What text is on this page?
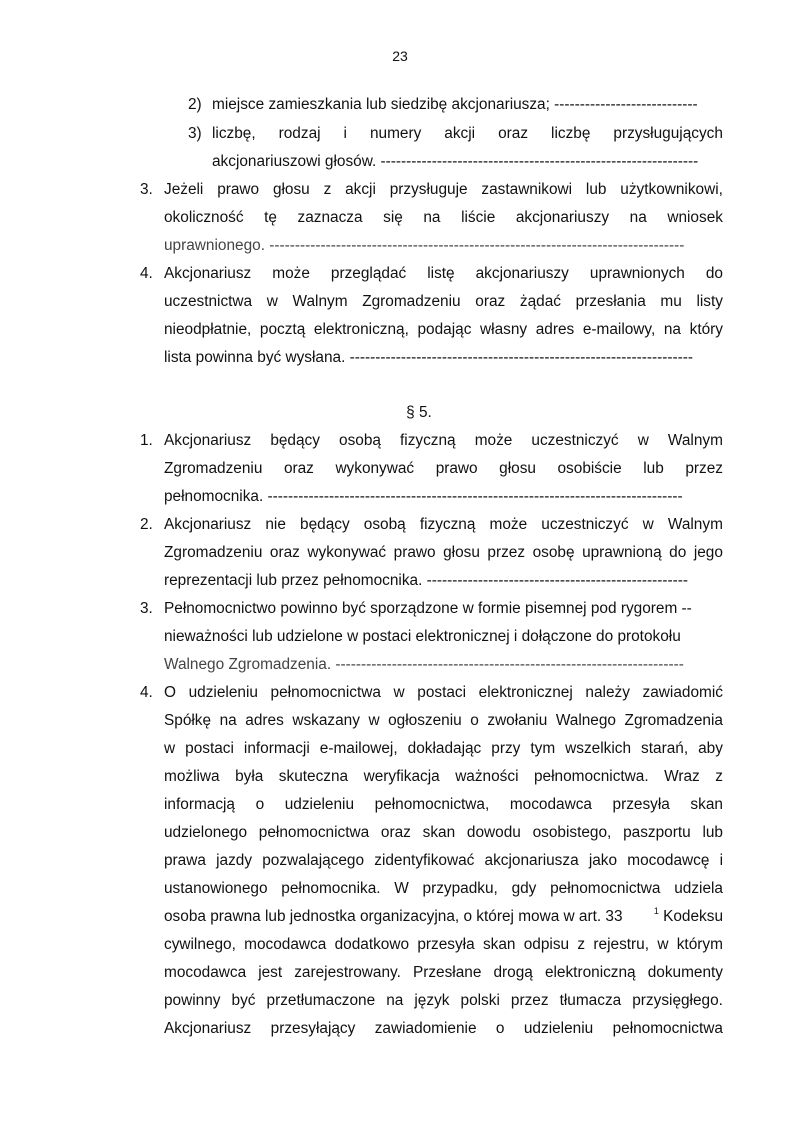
23
2) miejsce zamieszkania lub siedzibę akcjonariusza; ----------------------------
3) liczbę, rodzaj i numery akcji oraz liczbę przysługujących
akcjonariuszowi głosów. --------------------------------------------------------------
3. Jeżeli prawo głosu z akcji przysługuje zastawnikowi lub użytkownikowi,
okoliczność tę zaznacza się na liście akcjonariuszy na wniosek
uprawnionego. ---------------------------------------------------------------------------------
4. Akcjonariusz może przeglądać listę akcjonariuszy uprawnionych do
uczestnictwa w Walnym Zgromadzeniu oraz żądać przesłania mu listy
nieodpłatnie, pocztą elektroniczną, podając własny adres e-mailowy, na który
lista powinna być wysłana. -------------------------------------------------------------------
§ 5.
1. Akcjonariusz będący osobą fizyczną może uczestniczyć w Walnym
Zgromadzeniu oraz wykonywać prawo głosu osobiście lub przez
pełnomocnika. ---------------------------------------------------------------------------------
2. Akcjonariusz nie będący osobą fizyczną może uczestniczyć w Walnym
Zgromadzeniu oraz wykonywać prawo głosu przez osobę uprawnioną do jego
reprezentacji lub przez pełnomocnika. ---------------------------------------------------
3. Pełnomocnictwo powinno być sporządzone w formie pisemnej pod rygorem --
nieważności lub udzielone w postaci elektronicznej i dołączone do protokołu
Walnego Zgromadzenia. --------------------------------------------------------------------
4. O udzieleniu pełnomocnictwa w postaci elektronicznej należy zawiadomić
Spółkę na adres wskazany w ogłoszeniu o zwołaniu Walnego Zgromadzenia
w postaci informacji e-mailowej, dokładając przy tym wszelkich starań, aby
możliwa była skuteczna weryfikacja ważności pełnomocnictwa. Wraz z
informacją o udzieleniu pełnomocnictwa, mocodawca przesyła skan
udzielonego pełnomocnictwa oraz skan dowodu osobistego, paszportu lub
prawa jazdy pozwalającego zidentyfikować akcjonariusza jako mocodawcę i
ustanowionego pełnomocnika. W przypadku, gdy pełnomocnictwa udziela
osoba prawna lub jednostka organizacyjna, o której mowa w art. 33	$^1$ Kodeksu
cywilnego, mocodawca dodatkowo przesyła skan odpisu z rejestru, w którym
mocodawca jest zarejestrowany. Przesłane drogą elektroniczną dokumenty
powinny być przetłumaczone na język polski przez tłumacza przysięgłego.
Akcjonariusz przesyłający zawiadomienie o udzieleniu pełnomocnictwa
